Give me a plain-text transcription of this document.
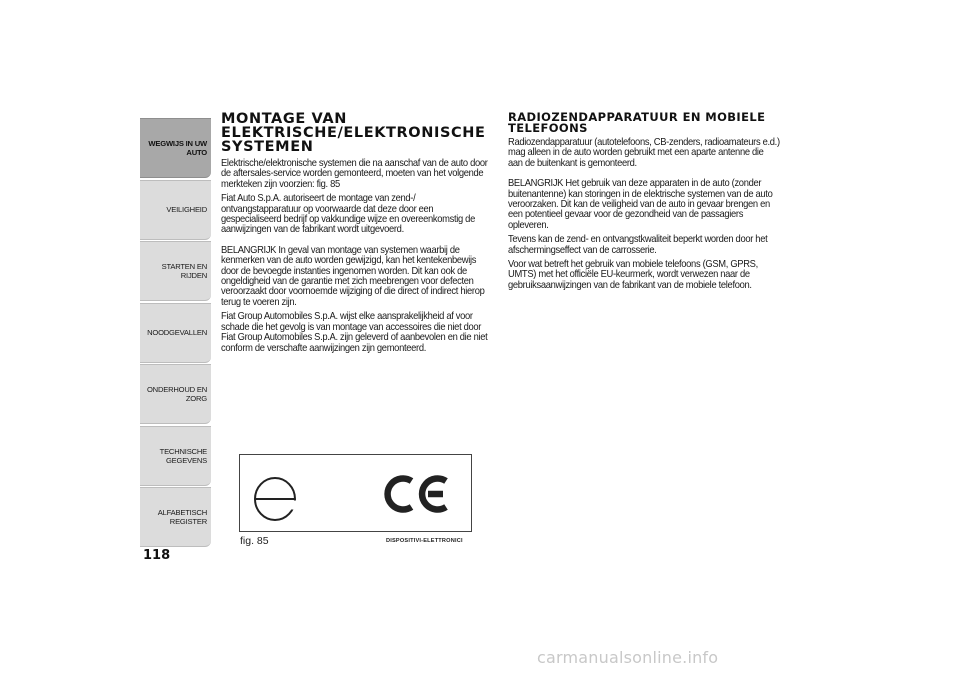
WEGWIJS IN UW
AUTO
VEILIGHEID
STARTEN EN RIJDEN
NOODGEVALLEN
ONDERHOUD EN
ZORG
TECHNISCHE
GEGEVENS
ALFABETISCH
REGISTER
118
MONTAGE VAN
ELEKTRISCHE/ELEKTRONISCHE
SYSTEMEN
Elektrische/elektronische systemen die na aanschaf van de auto door
de aftersales-service worden gemonteerd, moeten van het volgende
merkteken zijn voorzien: fig. 85
Fiat Auto S.p.A. autoriseert de montage van zend-/
ontvangstapparatuur op voorwaarde dat deze door een
gespecialiseerd bedrijf op vakkundige wijze en overeenkomstig de
aanwijzingen van de fabrikant wordt uitgevoerd.
BELANGRIJK In geval van montage van systemen waarbij de
kenmerken van de auto worden gewijzigd, kan het kentekenbewijs
door de bevoegde instanties ingenomen worden. Dit kan ook de
ongeldigheid van de garantie met zich meebrengen voor defecten
veroorzaakt door voornoemde wijziging of die direct of indirect hierop
terug te voeren zijn.
Fiat Group Automobiles S.p.A. wijst elke aansprakelijkheid af voor
schade die het gevolg is van montage van accessoires die niet door
Fiat Group Automobiles S.p.A. zijn geleverd of aanbevolen en die niet
conform de verschafte aanwijzingen zijn gemonteerd.
RADIOZENDAPPARATUUR EN MOBIELE
TELEFOONS
Radiozendapparatuur (autotelefoons, CB-zenders, radioamateurs e.d.)
mag alleen in de auto worden gebruikt met een aparte antenne die
aan de buitenkant is gemonteerd.
BELANGRIJK Het gebruik van deze apparaten in de auto (zonder
buitenantenne) kan storingen in de elektrische systemen van de auto
veroorzaken. Dit kan de veiligheid van de auto in gevaar brengen en
een potentieel gevaar voor de gezondheid van de passagiers
opleveren.
Tevens kan de zend- en ontvangstkwaliteit beperkt worden door het
afschermingseffect van de carrosserie.
Voor wat betreft het gebruik van mobiele telefoons (GSM, GPRS,
UMTS) met het officiële EU-keurmerk, wordt verwezen naar de
gebruiksaanwijzingen van de fabrikant van de mobiele telefoon.
fig. 85	DISPOSITIVI-ELETTRONICI
carmanualsonline.info
